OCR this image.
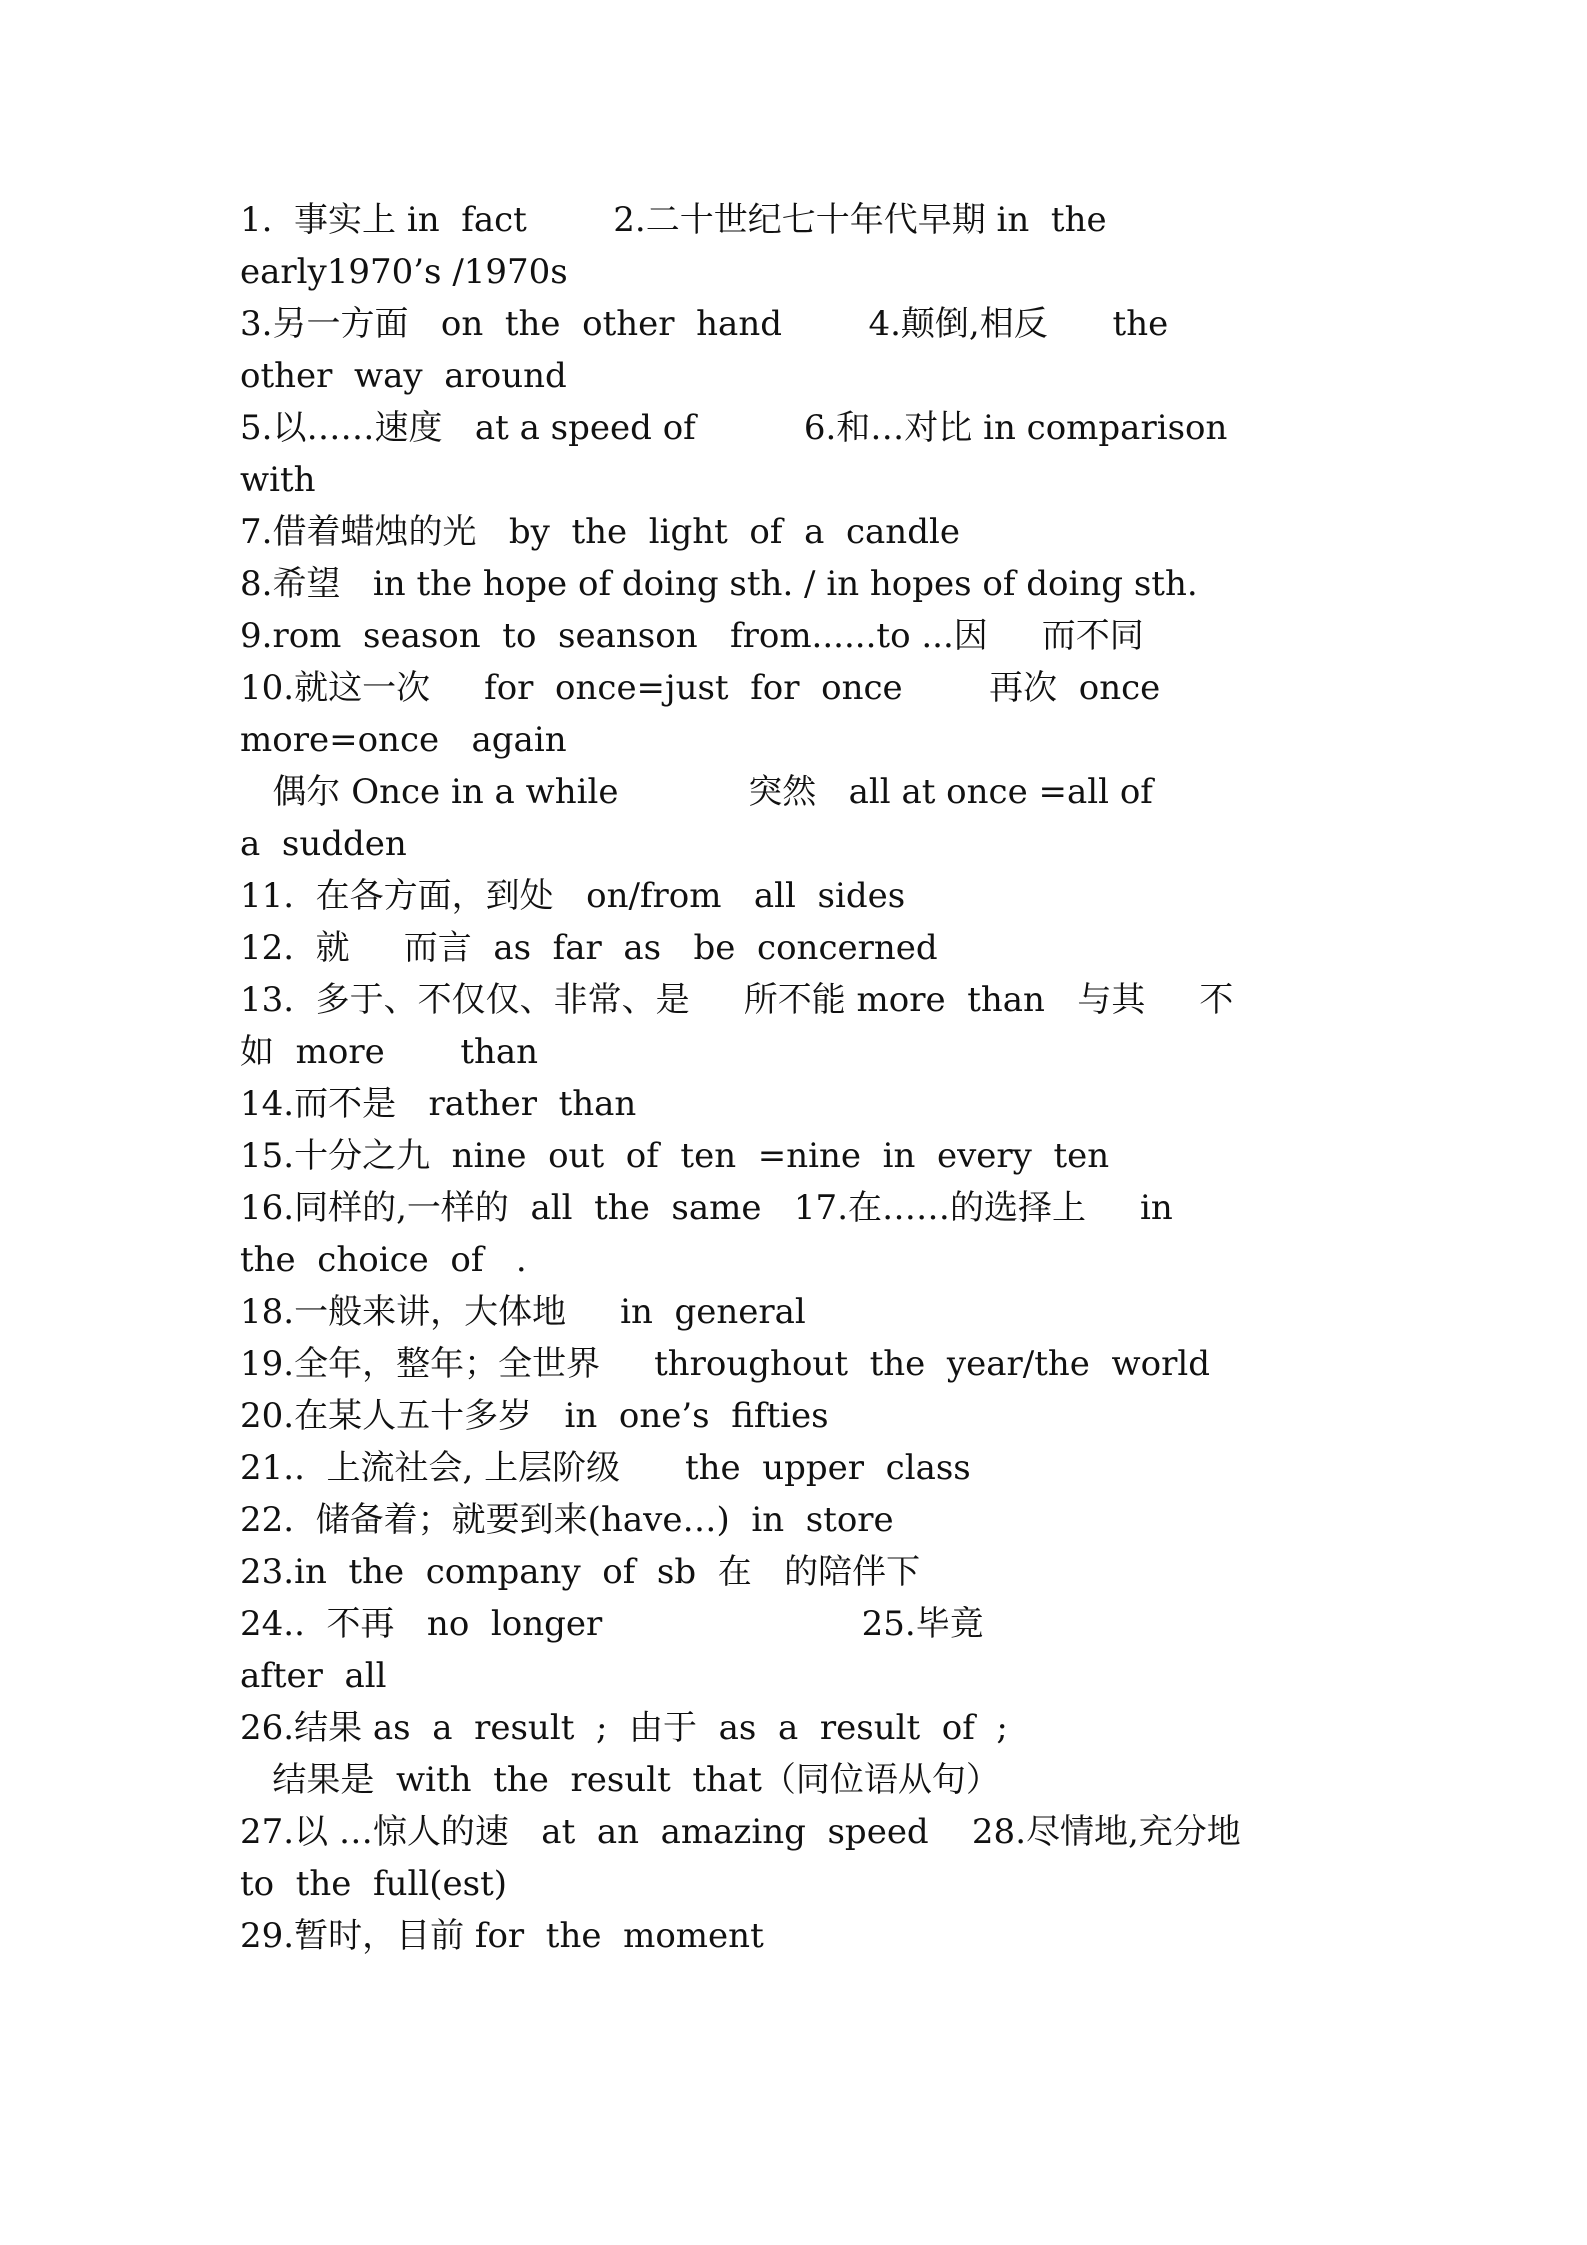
1.  事实上 in  fact        2.二十世纪七十年代早期 in  the
early1970’s /1970s
3.另一方面   on  the  other  hand        4.颠倒,相反      the
other  way  around
5.以……速度   at a speed of          6.和…对比 in comparison
with
7.借着蜡烛的光   by  the  light  of  a  candle
8.希望   in the hope of doing sth. / in hopes of doing sth.
9.rom  season  to  seanson   from......to ...因     而不同
10.就这一次     for  once=just  for  once        再次  once
more=once   again
偶尔 Once in a while            突然   all at once =all of
a  sudden
11.  在各方面，到处   on/from   all  sides
12.  就     而言  as  far  as   be  concerned
13.  多于、不仅仅、非常、是     所不能 more  than   与其     不
如  more       than
14.而不是   rather  than
15.十分之九  nine  out  of  ten  =nine  in  every  ten
16.同样的,一样的  all  the  same   17.在……的选择上     in
the  choice  of   .
18.一般来讲，大体地     in  general
19.全年，整年；全世界     throughout  the  year/the  world
20.在某人五十多岁   in  one’s  fifties
21..  上流社会, 上层阶级      the  upper  class
22.  储备着；就要到来(have…)  in  store
23.in  the  company  of  sb  在   的陪伴下
24..  不再   no  longer                        25.毕竟
after  all
26.结果 as  a  result  ;  由于  as  a  result  of  ;
结果是  with  the  result  that（同位语从句）
27.以 …惊人的速   at  an  amazing  speed    28.尽情地,充分地
to  the  full(est)
29.暂时，目前 for  the  moment
